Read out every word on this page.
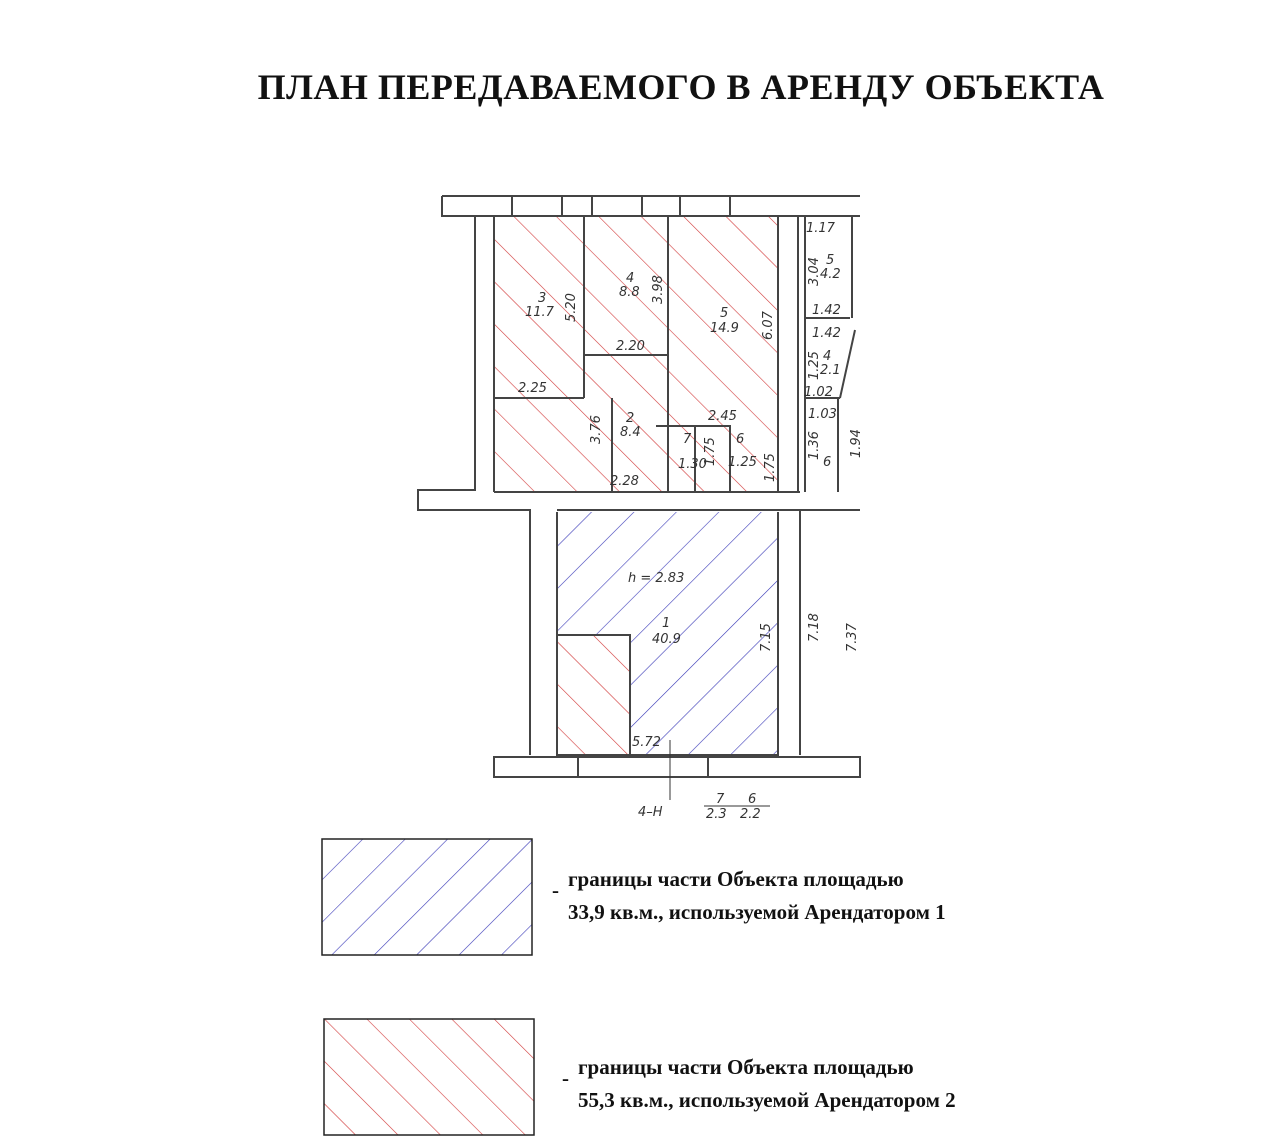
ПЛАН ПЕРЕДАВАЕМОГО В АРЕНДУ ОБЪЕКТА
3
11.7
4
8.8
5
14.9
2
8.4	7	6
1
40.9
5
4.2
4
2.1
6
5.20
3.98
6.07
2.20
2.25
3.76	2.45
1.75
1.30 1.25 1.75
2.28
1.17
3.04
1.42
1.42
1.25
1.02
1.03
1.36 1.94
h = 2.83
7.15	7.18 7.37
5.72
4–Н
7 6
2.3 2.2
- границы части Объекта площадью
33,9 кв.м., используемой Арендатором 1
- границы части Объекта площадью
55,3 кв.м., используемой Арендатором 2
